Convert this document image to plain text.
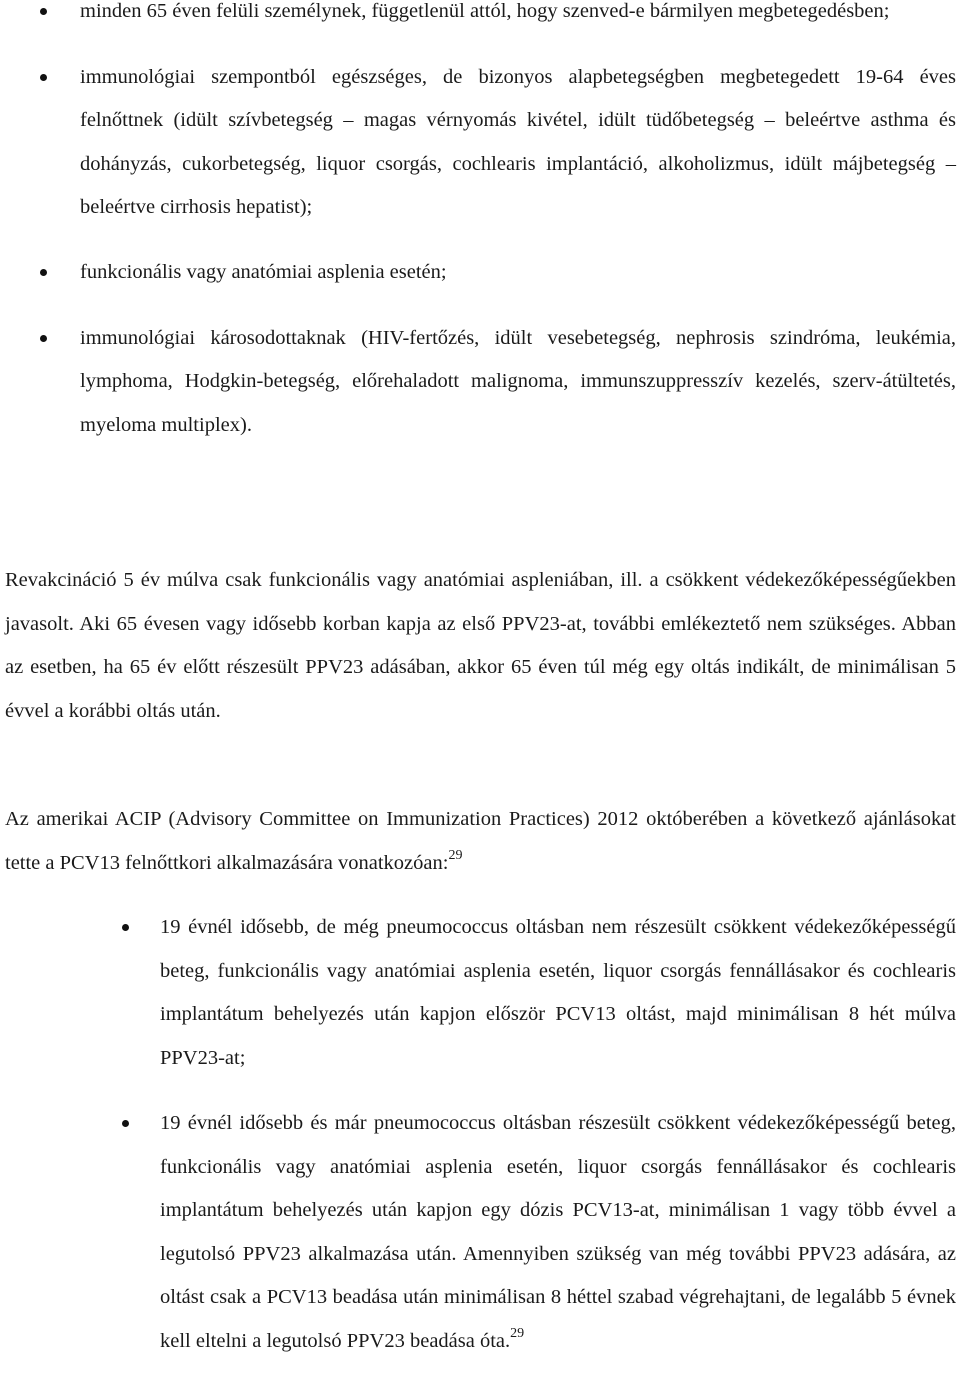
minden 65 éven felüli személynek, függetlenül attól, hogy szenved-e bármilyen megbetegedésben;
immunológiai szempontból egészséges, de bizonyos alapbetegségben megbetegedett 19-64 éves felnőttnek (idült szívbetegség – magas vérnyomás kivétel, idült tüdőbetegség – beleértve asthma és dohányzás, cukorbetegség, liquor csorgás, cochlearis implantáció, alkoholizmus, idült májbetegség – beleértve cirrhosis hepatist);
funkcionális vagy anatómiai asplenia esetén;
immunológiai károsodottaknak (HIV-fertőzés, idült vesebetegség, nephrosis szindróma, leukémia, lymphoma, Hodgkin-betegség, előrehaladott malignoma, immunszuppresszív kezelés, szerv-átültetés, myeloma multiplex).

Revakcináció 5 év múlva csak funkcionális vagy anatómiai aspleniában, ill. a csökkent védekezőképességűekben javasolt. Aki 65 évesen vagy idősebb korban kapja az első PPV23-at, további emlékeztető nem szükséges. Abban az esetben, ha 65 év előtt részesült PPV23 adásában, akkor 65 éven túl még egy oltás indikált, de minimálisan 5 évvel a korábbi oltás után.

Az amerikai ACIP (Advisory Committee on Immunization Practices) 2012 októberében a következő ajánlásokat tette a PCV13 felnőttkori alkalmazására vonatkozóan:$^{29}$

19 évnél idősebb, de még pneumococcus oltásban nem részesült csökkent védekezőképességű beteg, funkcionális vagy anatómiai asplenia esetén, liquor csorgás fennállásakor és cochlearis implantátum behelyezés után kapjon először PCV13 oltást, majd minimálisan 8 hét múlva PPV23-at;
19 évnél idősebb és már pneumococcus oltásban részesült csökkent védekezőképességű beteg, funkcionális vagy anatómiai asplenia esetén, liquor csorgás fennállásakor és cochlearis implantátum behelyezés után kapjon egy dózis PCV13-at, minimálisan 1 vagy több évvel a legutolsó PPV23 alkalmazása után. Amennyiben szükség van még további PPV23 adására, az oltást csak a PCV13 beadása után minimálisan 8 héttel szabad végrehajtani, de legalább 5 évnek kell eltelni a legutolsó PPV23 beadása óta.$^{29}$
